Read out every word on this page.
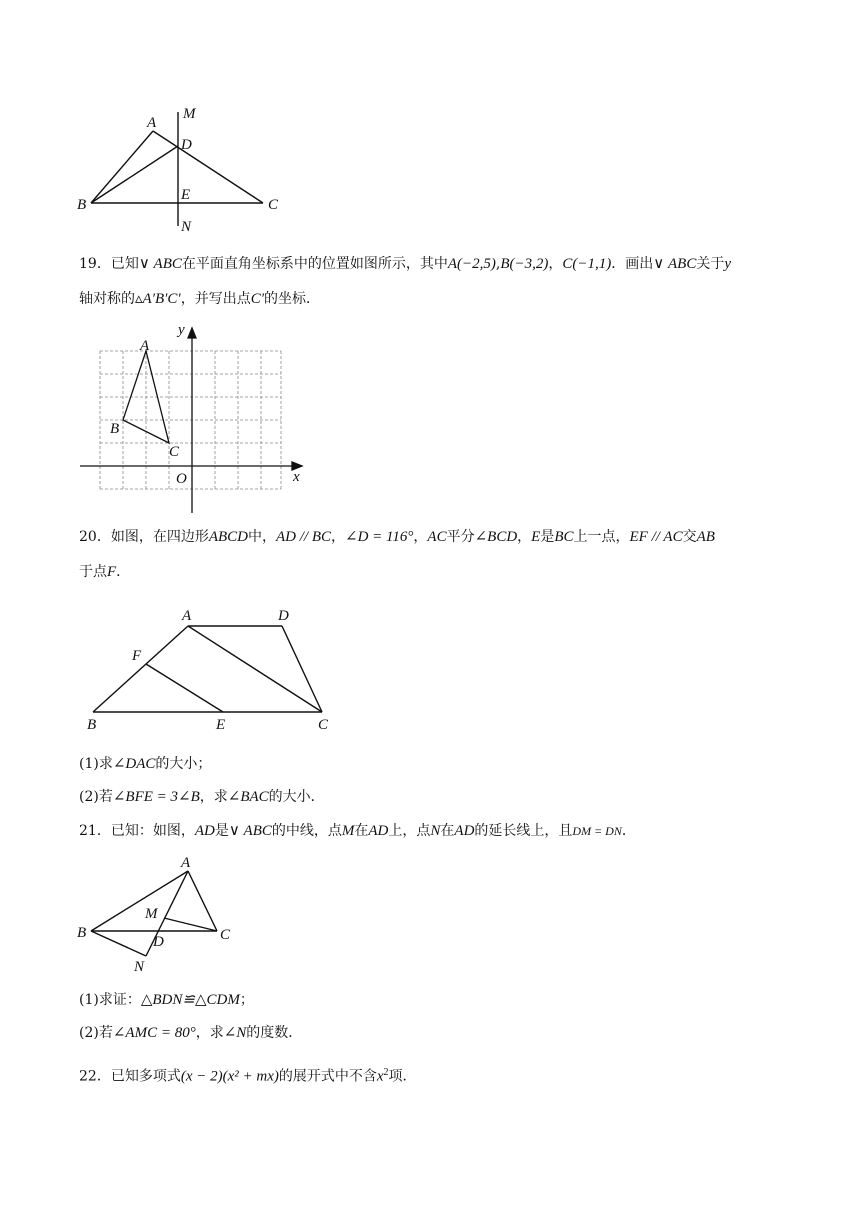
A
M
D
B
E
C
N
19．已知∨ ABC在平面直角坐标系中的位置如图所示，其中A(−2,5),B(−3,2)，C(−1,1)．画出∨ ABC关于y
轴对称的▵A′B′C′，并写出点C′的坐标．
y
A
B
C
O	x
20．如图，在四边形ABCD中，AD // BC，∠D = 116°，AC平分∠BCD，E是BC上一点，EF // AC交AB
于点F．
A	D
F
B	E	C
(1)求∠DAC的大小；
(2)若∠BFE = 3∠B，求∠BAC的大小．
21．已知：如图，AD是∨ ABC的中线，点M在AD上，点N在AD的延长线上，且DM = DN．
A
M
B
D	C
N
(1)求证：△BDN≌△CDM；
(2)若∠AMC = 80°，求∠N的度数．
22．已知多项式(x − 2)(x² + mx)的展开式中不含$x^2$项．
